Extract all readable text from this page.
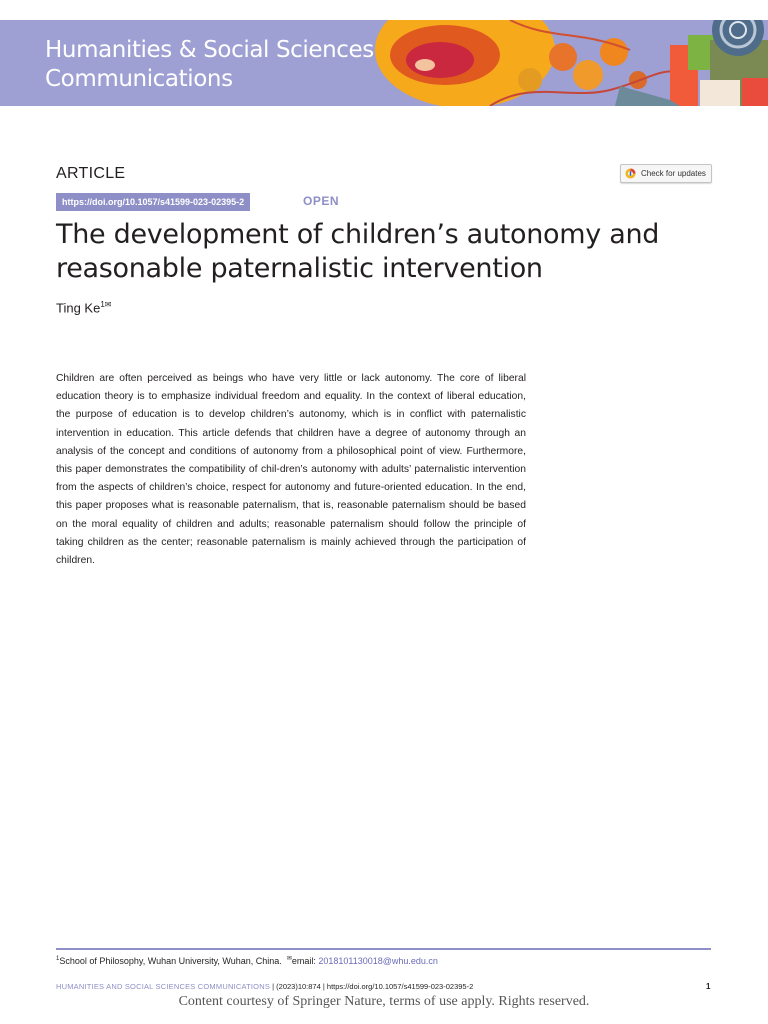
Humanities & Social Sciences
Communications
ARTICLE	Check for updates
https://doi.org/10.1057/s41599-023-02395-2	OPEN
The development of children’s autonomy and
reasonable paternalistic intervention
Ting $Ke^{1✉}$

Children are often perceived as beings who have very little or lack autonomy. The core of liberal education theory is to emphasize individual freedom and equality. In the context of liberal education, the purpose of education is to develop children’s autonomy, which is in conflict with paternalistic intervention in education. This article defends that children have a degree of autonomy through an analysis of the concept and conditions of autonomy from a philosophical point of view. Furthermore, this paper demonstrates the compatibility of chil-dren’s autonomy with adults’ paternalistic intervention from the aspects of children’s choice, respect for autonomy and future-oriented education. In the end, this paper proposes what is reasonable paternalism, that is, reasonable paternalism should be based on the moral equality of children and adults; reasonable paternalism should follow the principle of taking children as the center; reasonable paternalism is mainly achieved through the participation of children.

$^1$School of Philosophy, Wuhan University, Wuhan, China. ✉email: 2018101130018@whu.edu.cn
HUMANITIES AND SOCIAL SCIENCES COMMUNICATIONS | (2023)10:874 | https://doi.org/10.1057/s41599-023-02395-2	1
Content courtesy of Springer Nature, terms of use apply. Rights reserved.
